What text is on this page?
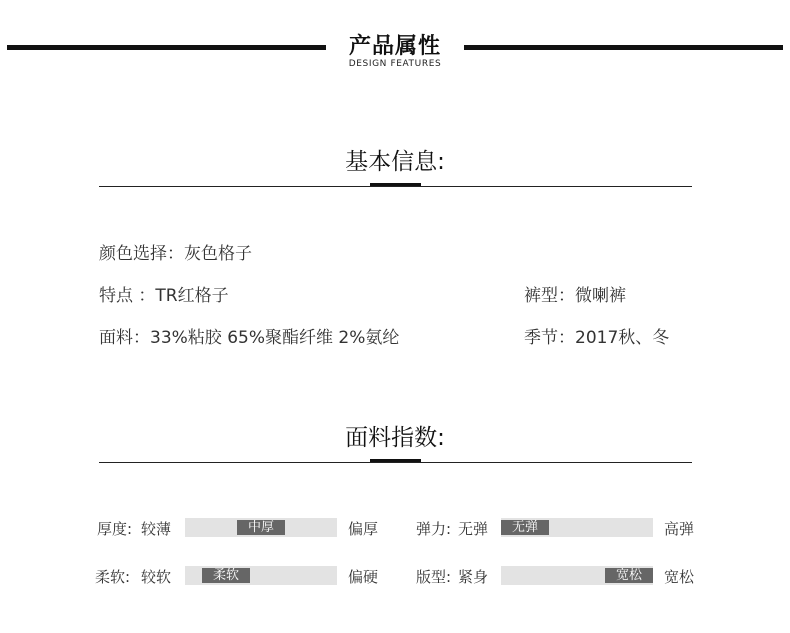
产品属性
DESIGN FEATURES
基本信息:
颜色选择：灰色格子
特点 ：TR红格子
面料：33%粘胶 65%聚酯纤维 2%氨纶
裤型：微喇裤
季节：2017秋、冬
面料指数:
厚度: 较薄	中厚	偏厚	弹力: 无弹	无弹	高弹
柔软: 较软	柔软	偏硬	版型: 紧身	宽松	宽松
